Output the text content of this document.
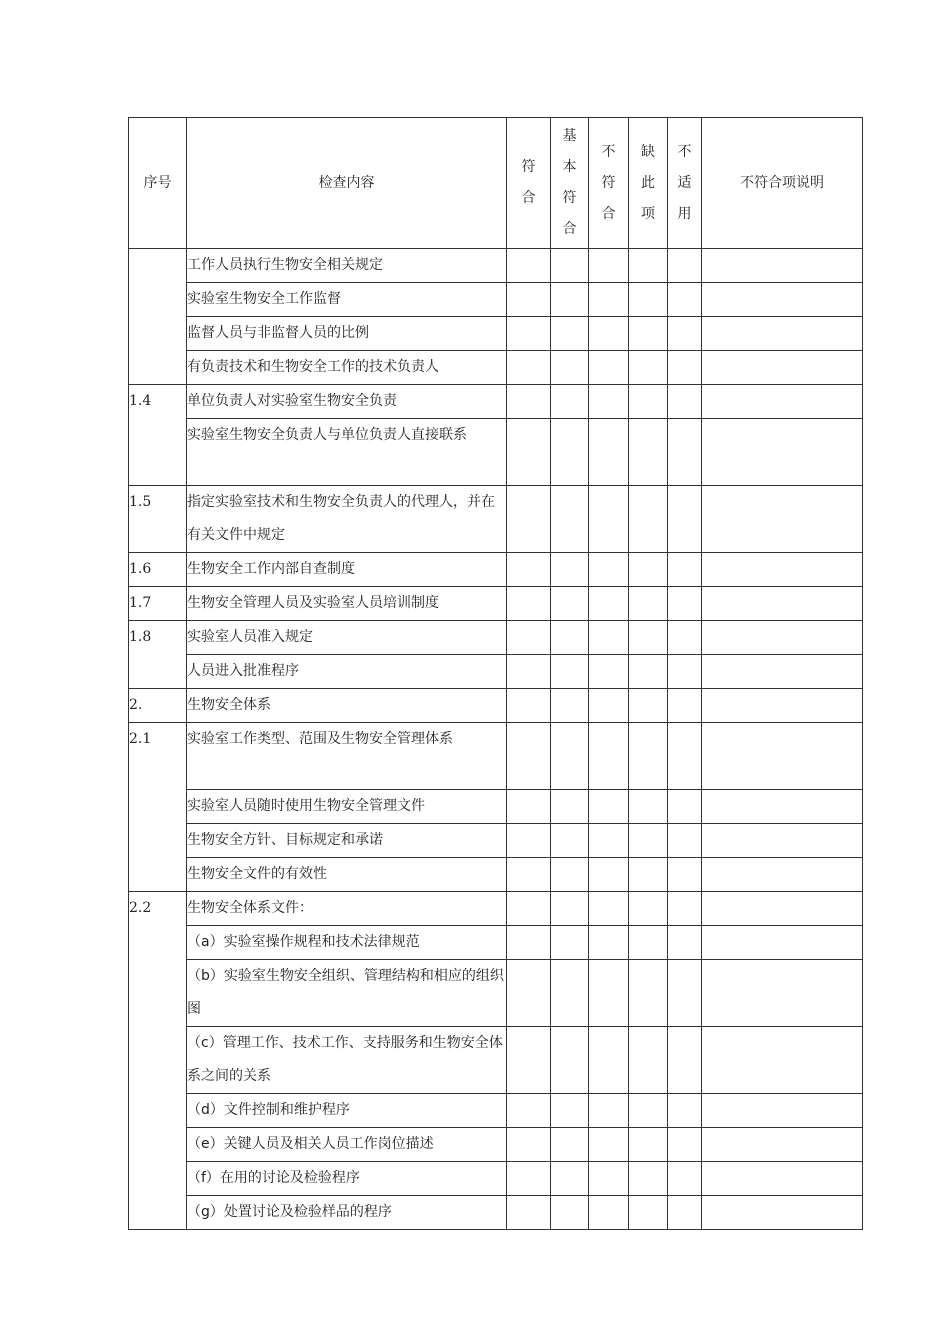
序号	检查内容	符合	基本符合	不符合	缺此项	不适用	不符合项说明
	工作人员执行生物安全相关规定						
	实验室生物安全工作监督						
	监督人员与非监督人员的比例						
	有负责技术和生物安全工作的技术负责人						
1.4	单位负责人对实验室生物安全负责						
	实验室生物安全负责人与单位负责人直接联系						
1.5	指定实验室技术和生物安全负责人的代理人，并在有关文件中规定						
1.6	生物安全工作内部自查制度						
1.7	生物安全管理人员及实验室人员培训制度						
1.8	实验室人员准入规定						
	人员进入批准程序						
2.	生物安全体系						
2.1	实验室工作类型、范围及生物安全管理体系						
	实验室人员随时使用生物安全管理文件						
	生物安全方针、目标规定和承诺						
	生物安全文件的有效性						
2.2	生物安全体系文件：						
	（a）实验室操作规程和技术法律规范						
	（b）实验室生物安全组织、管理结构和相应的组织图						
	（c）管理工作、技术工作、支持服务和生物安全体系之间的关系						
	（d）文件控制和维护程序						
	（e）关键人员及相关人员工作岗位描述						
	（f）在用的讨论及检验程序						
	（g）处置讨论及检验样品的程序						
